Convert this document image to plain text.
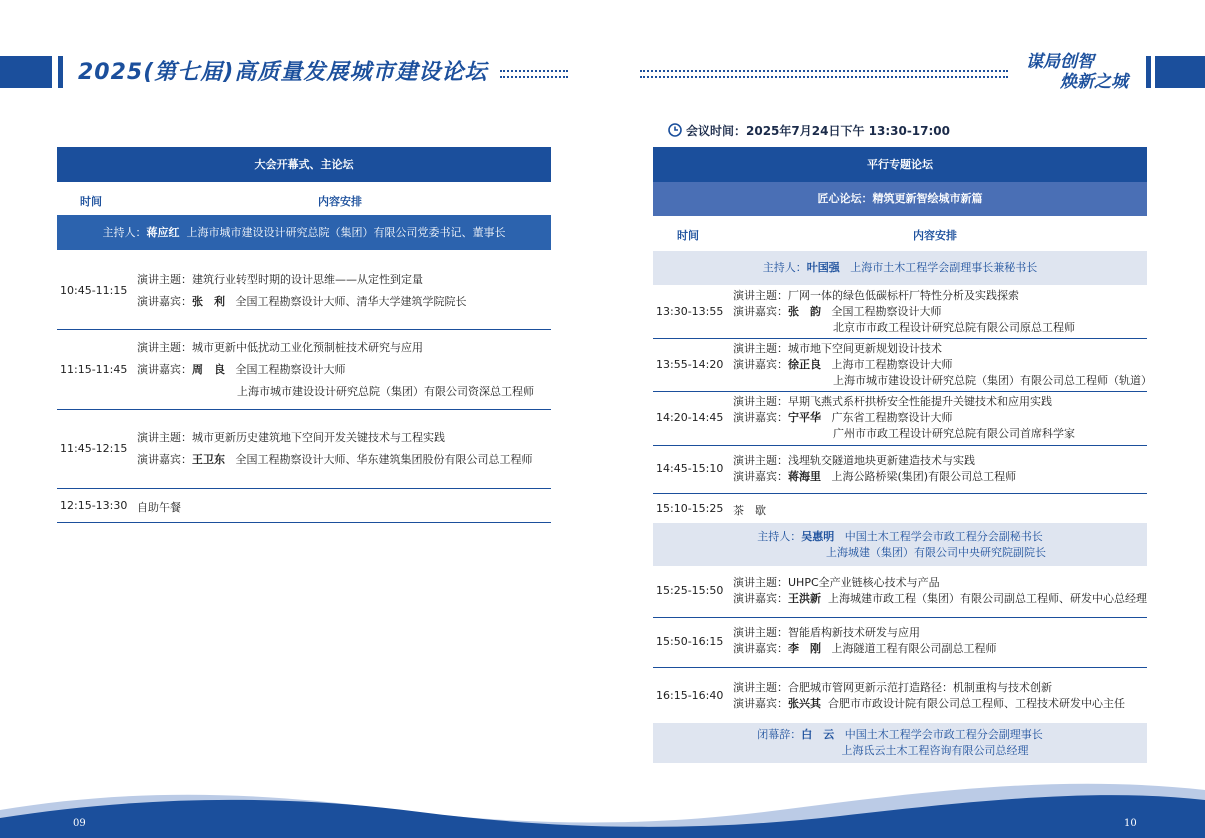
2025(第七届)高质量发展城市建设论坛	谋局创智
焕新之城
大会开幕式、主论坛
时间	内容安排
主持人：蒋应红 上海市城市建设设计研究总院（集团）有限公司党委书记、董事长
10:45-11:15
演讲主题：建筑行业转型时期的设计思维——从定性到定量
演讲嘉宾：张　利 全国工程勘察设计大师、清华大学建筑学院院长
11:15-11:45
演讲主题：城市更新中低扰动工业化预制桩技术研究与应用
演讲嘉宾：周　良 全国工程勘察设计大师
上海市城市建设设计研究总院（集团）有限公司资深总工程师
11:45-12:15
演讲主题：城市更新历史建筑地下空间开发关键技术与工程实践
演讲嘉宾：王卫东 全国工程勘察设计大师、华东建筑集团股份有限公司总工程师
12:15-13:30 自助午餐
会议时间：2025年7月24日下午 13:30-17:00
平行专题论坛
匠心论坛：精筑更新智绘城市新篇
时间	内容安排
主持人：叶国强 上海市土木工程学会副理事长兼秘书长
13:30-13:55
演讲主题：厂网一体的绿色低碳标杆厂特性分析及实践探索
演讲嘉宾：张　韵 全国工程勘察设计大师
北京市市政工程设计研究总院有限公司原总工程师
13:55-14:20
演讲主题：城市地下空间更新规划设计技术
演讲嘉宾：徐正良 上海市工程勘察设计大师
上海市城市建设设计研究总院（集团）有限公司总工程师（轨道）
14:20-14:45
演讲主题：早期飞燕式系杆拱桥安全性能提升关键技术和应用实践
演讲嘉宾：宁平华 广东省工程勘察设计大师
广州市市政工程设计研究总院有限公司首席科学家
14:45-15:10
演讲主题：浅埋轨交隧道地块更新建造技术与实践
演讲嘉宾：蒋海里 上海公路桥梁(集团)有限公司总工程师
15:10-15:25 茶　歇
主持人：吴惠明 中国土木工程学会市政工程分会副秘书长
上海城建（集团）有限公司中央研究院副院长
15:25-15:50
演讲主题：UHPC全产业链核心技术与产品
演讲嘉宾：王洪新 上海城建市政工程（集团）有限公司副总工程师、研发中心总经理
15:50-16:15
演讲主题：智能盾构新技术研发与应用
演讲嘉宾：李　刚 上海隧道工程有限公司副总工程师
16:15-16:40
演讲主题：合肥城市管网更新示范打造路径：机制重构与技术创新
演讲嘉宾：张兴其 合肥市市政设计院有限公司总工程师、工程技术研发中心主任
闭幕辞：白　云 中国土木工程学会市政工程分会副理事长
上海氐云土木工程咨询有限公司总经理
09	10
